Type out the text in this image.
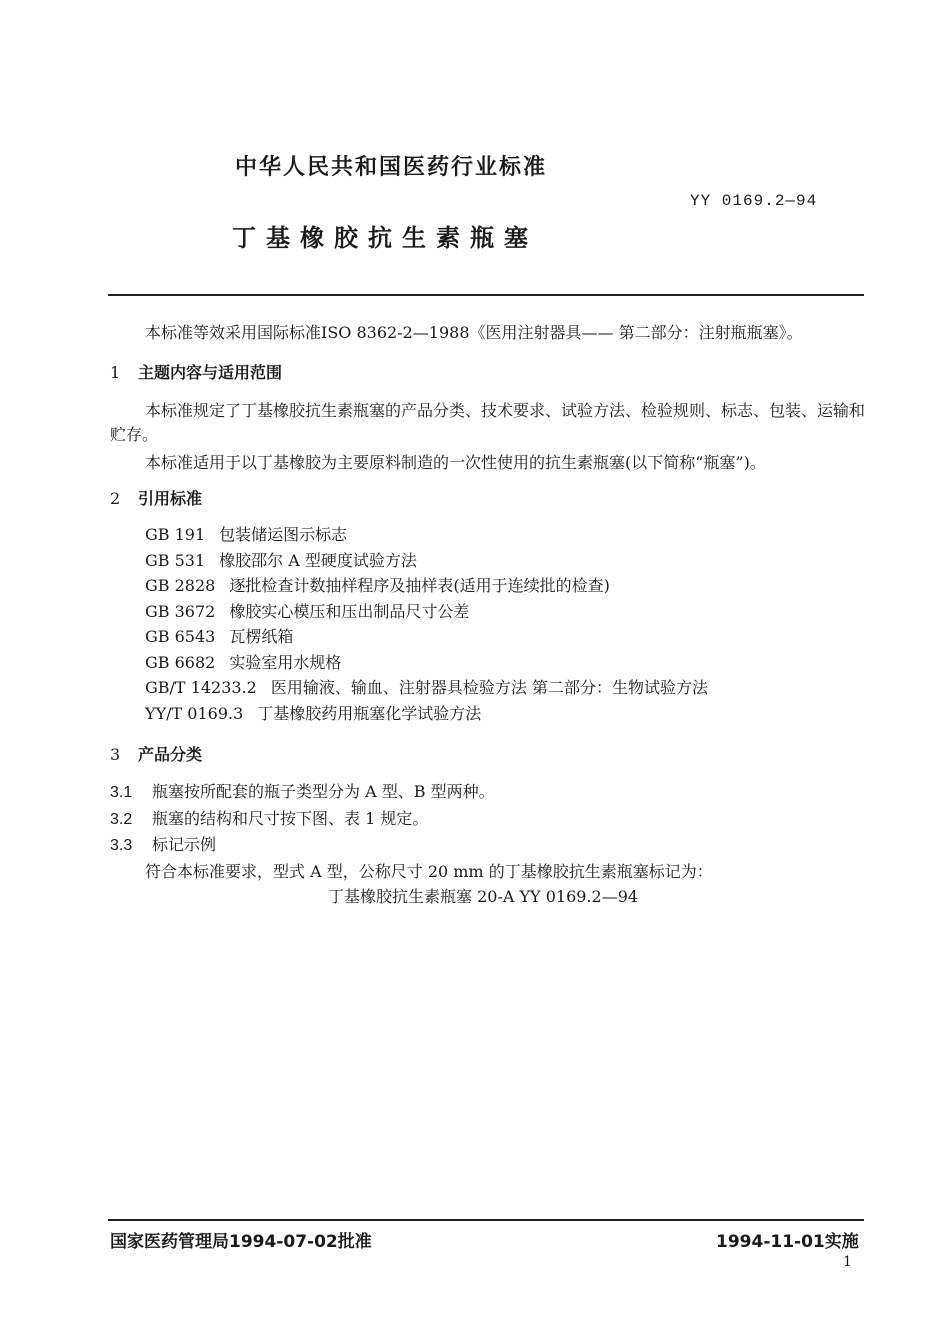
中华人民共和国医药行业标准
YY 0169.2—94
丁基橡胶抗生素瓶塞
本标准等效采用国际标准ISO 8362-2—1988《医用注射器具—— 第二部分：注射瓶瓶塞》。
1 主题内容与适用范围
本标准规定了丁基橡胶抗生素瓶塞的产品分类、技术要求、试验方法、检验规则、标志、包装、运输和
贮存。
本标准适用于以丁基橡胶为主要原料制造的一次性使用的抗生素瓶塞(以下简称“瓶塞”)。
2 引用标准
GB 191 包装储运图示标志
GB 531 橡胶邵尔 A 型硬度试验方法
GB 2828 逐批检查计数抽样程序及抽样表(适用于连续批的检查)
GB 3672 橡胶实心模压和压出制品尺寸公差
GB 6543 瓦楞纸箱
GB 6682 实验室用水规格
GB/T 14233.2 医用输液、输血、注射器具检验方法 第二部分：生物试验方法
YY/T 0169.3 丁基橡胶药用瓶塞化学试验方法
3 产品分类
3.1 瓶塞按所配套的瓶子类型分为 A 型、B 型两种。
3.2 瓶塞的结构和尺寸按下图、表 1 规定。
3.3 标记示例
符合本标准要求，型式 A 型，公称尺寸 20 mm 的丁基橡胶抗生素瓶塞标记为：
丁基橡胶抗生素瓶塞 20-A YY 0169.2—94
国家医药管理局1994-07-02批准	1994-11-01实施
1
